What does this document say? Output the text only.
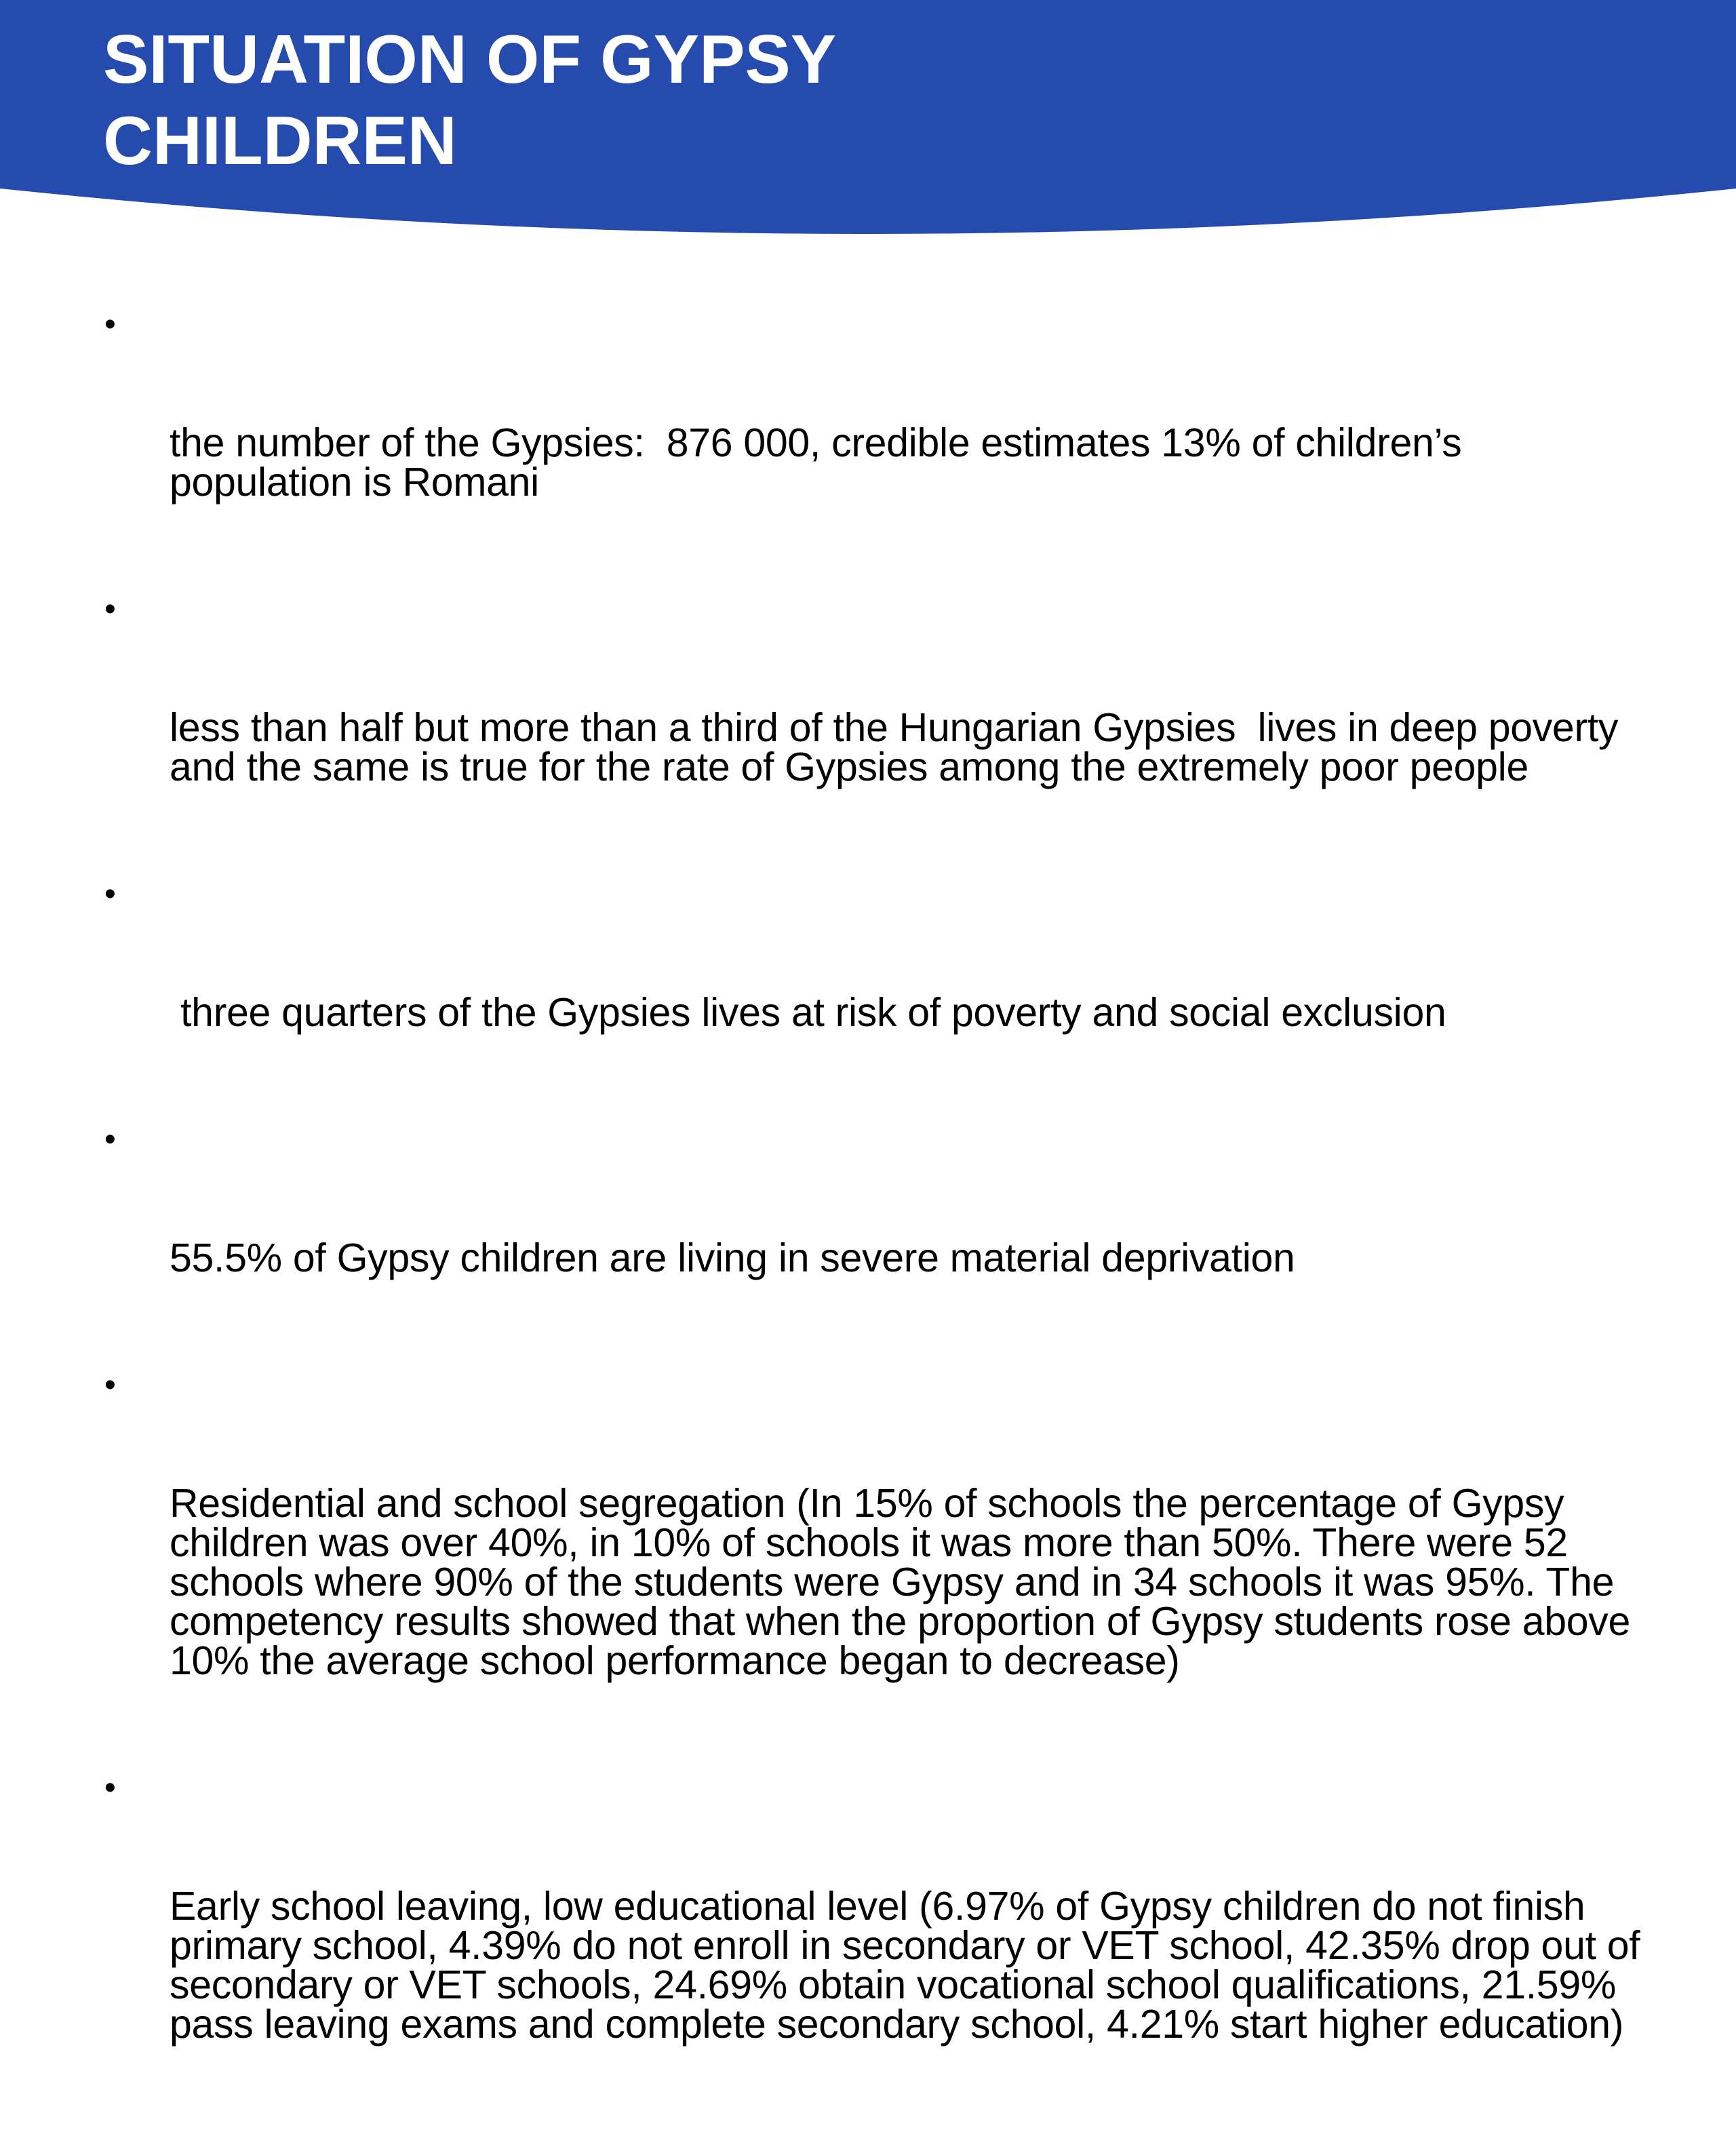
SITUATION OF GYPSY
CHILDREN

•

the number of the Gypsies:  876 000, credible estimates 13% of children’s population is Romani

•

less than half but more than a third of the Hungarian Gypsies  lives in deep poverty and the same is true for the rate of Gypsies among the extremely poor people

•

three quarters of the Gypsies lives at risk of poverty and social exclusion

•

55.5% of Gypsy children are living in severe material deprivation

•

Residential and school segregation (In 15% of schools the percentage of Gypsy children was over 40%, in 10% of schools it was more than 50%. There were 52 schools where 90% of the students were Gypsy and in 34 schools it was 95%. The competency results showed that when the proportion of Gypsy students rose above 10% the average school performance began to decrease)

•

Early school leaving, low educational level (6.97% of Gypsy children do not finish primary school, 4.39% do not enroll in secondary or VET school, 42.35% drop out of secondary or VET schools, 24.69% obtain vocational school qualifications, 21.59% pass leaving exams and complete secondary school, 4.21% start higher education)
